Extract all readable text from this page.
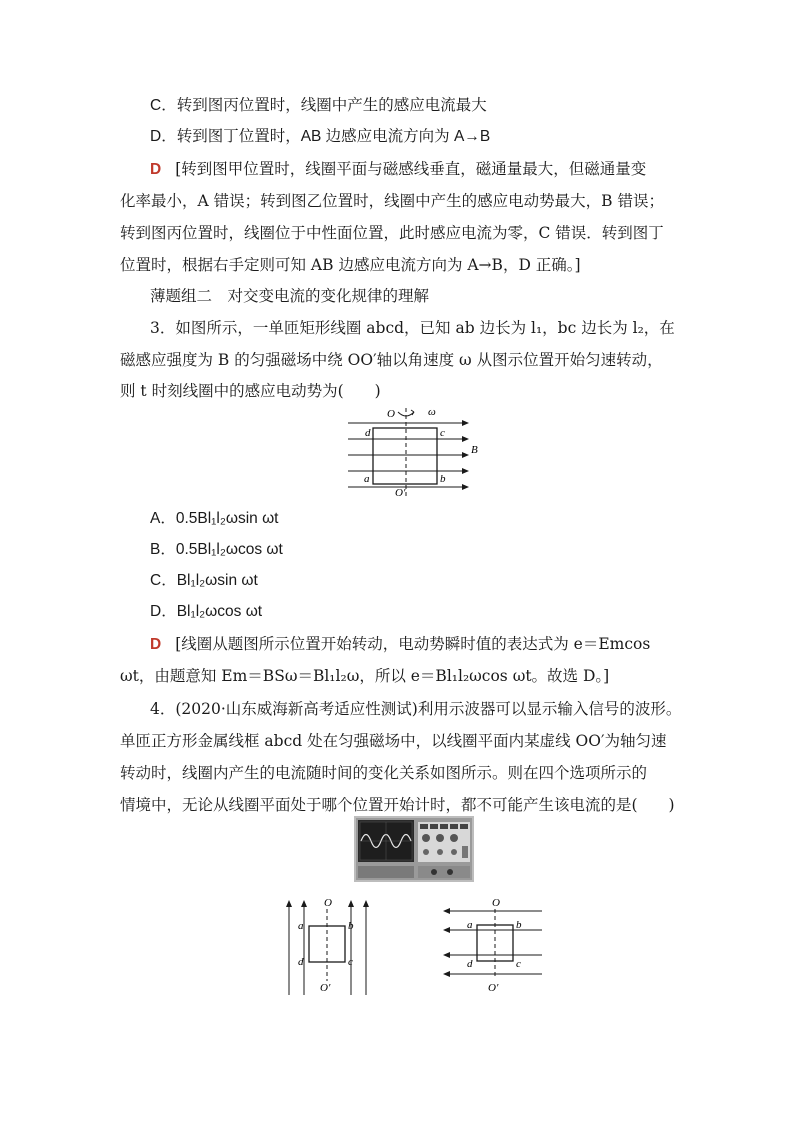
C．转到图丙位置时，线圈中产生的感应电流最大
D．转到图丁位置时，AB 边感应电流方向为 A→B
D [转到图甲位置时，线圈平面与磁感线垂直，磁通量最大，但磁通量变
化率最小，A 错误；转到图乙位置时，线圈中产生的感应电动势最大，B 错误；
转到图丙位置时，线圈位于中性面位置，此时感应电流为零，C 错误．转到图丁
位置时，根据右手定则可知 AB 边感应电流方向为 A→B，D 正确。]
薄题组二　对交变电流的变化规律的理解
3．如图所示，一单匝矩形线圈 abcd，已知 ab 边长为 l₁，bc 边长为 l₂，在
磁感应强度为 B 的匀强磁场中绕 OO′轴以角速度 ω 从图示位置开始匀速转动，
则 t 时刻线圈中的感应电动势为(　　)
O	ω
d	c
B
a	b
O′
A．0.5Bl₁l₂ωsin ωt
B．0.5Bl₁l₂ωcos ωt
C．Bl₁l₂ωsin ωt
D．Bl₁l₂ωcos ωt
D [线圈从题图所示位置开始转动，电动势瞬时值的表达式为 e＝Emcos
ωt，由题意知 Em＝BSω＝Bl₁l₂ω，所以 e＝Bl₁l₂ωcos ωt。故选 D。]
4．(2020·山东威海新高考适应性测试)利用示波器可以显示输入信号的波形。
单匝正方形金属线框 abcd 处在匀强磁场中，以线圈平面内某虚线 OO′为轴匀速
转动时，线圈内产生的电流随时间的变化关系如图所示。则在四个选项所示的
情境中，无论从线圈平面处于哪个位置开始计时，都不可能产生该电流的是(　　)
O
a	b
d	c
O′
O
a	b
d	c
O′
